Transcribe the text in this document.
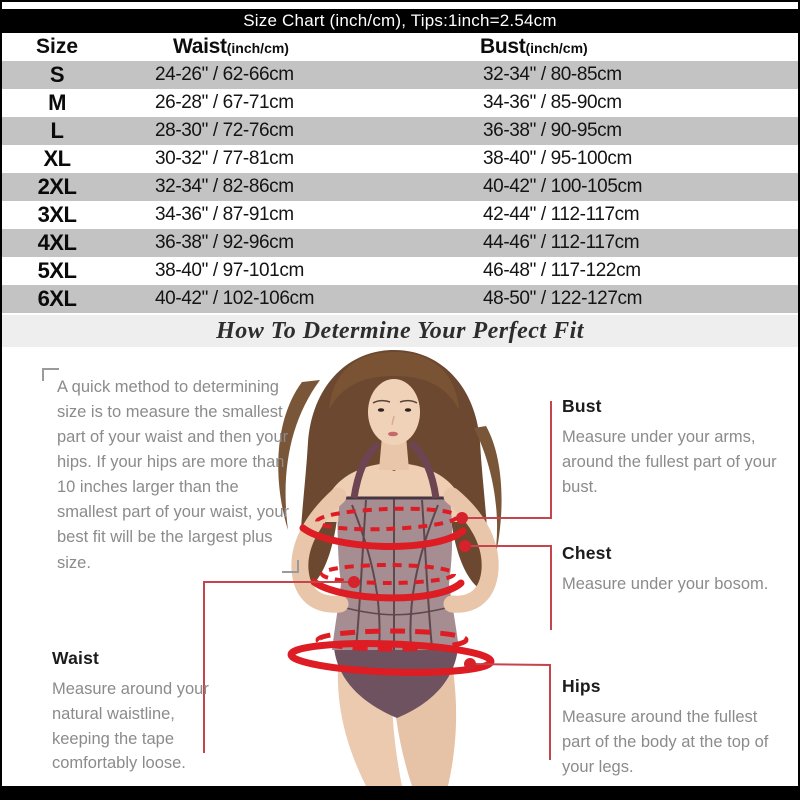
Size Chart (inch/cm), Tips:1inch=2.54cm
Size	Waist(inch/cm)	Bust(inch/cm)
S	24-26" / 62-66cm	32-34" / 80-85cm
M	26-28" / 67-71cm	34-36" / 85-90cm
L	28-30" / 72-76cm	36-38" / 90-95cm
XL	30-32" / 77-81cm	38-40" / 95-100cm
2XL	32-34" / 82-86cm	40-42" / 100-105cm
3XL	34-36" / 87-91cm	42-44" / 112-117cm
4XL	36-38" / 92-96cm	44-46" / 112-117cm
5XL	38-40" / 97-101cm	46-48" / 117-122cm
6XL	40-42" / 102-106cm	48-50" / 122-127cm
How To Determine Your Perfect Fit
A quick method to determining size is to measure the smallest part of your waist and then your hips. If your hips are more than 10 inches larger than the smallest part of your waist, your best fit will be the largest plus size.
Bust

Measure under your arms, around the fullest part of your bust.

Chest

Measure under your bosom.

Waist

Measure around your natural waistline, keeping the tape comfortably loose.

Hips

Measure around the fullest part of the body at the top of your legs.
